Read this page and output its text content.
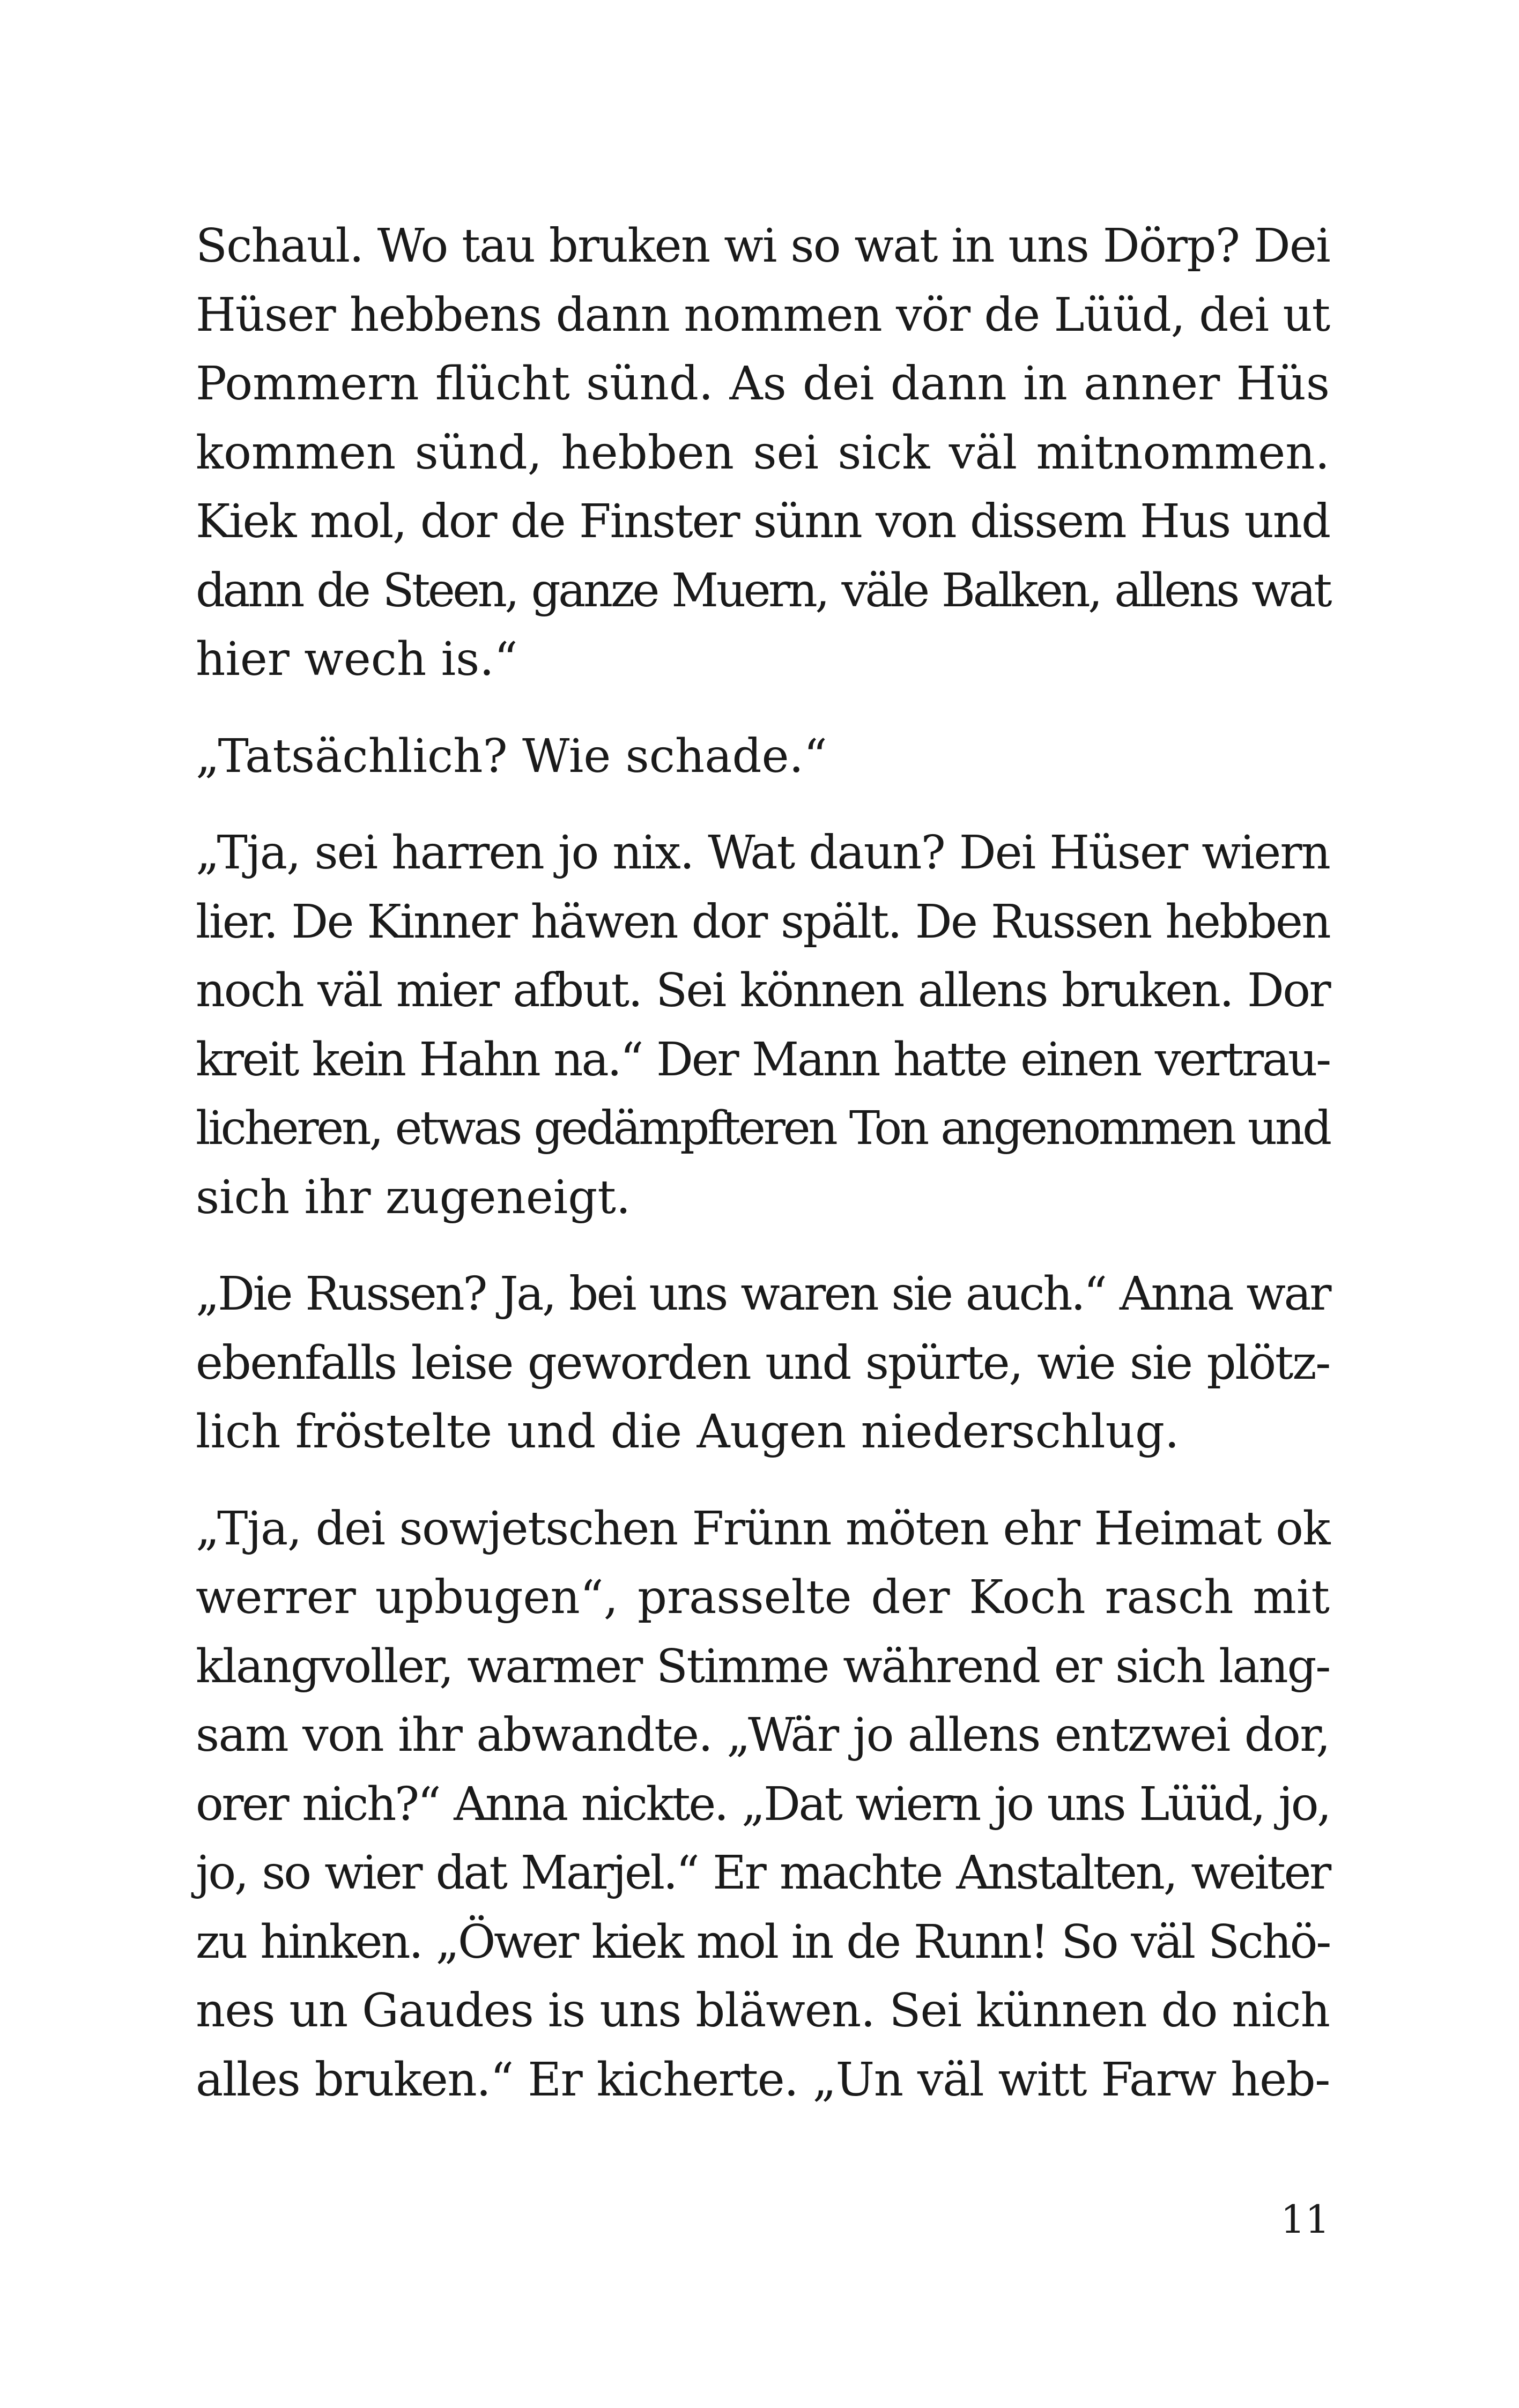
Schaul. Wo tau bruken wi so wat in uns Dörp? Dei
Hüser hebbens dann nommen vör de Lüüd, dei ut
Pommern flücht sünd. As dei dann in anner Hüs
kommen sünd, hebben sei sick väl mitnommen.
Kiek mol, dor de Finster sünn von dissem Hus und
dann de Steen, ganze Muern, väle Balken, allens wat
hier wech is.“
„Tatsächlich? Wie schade.“
„Tja, sei harren jo nix. Wat daun? Dei Hüser wiern
lier. De Kinner häwen dor spält. De Russen hebben
noch väl mier afbut. Sei können allens bruken. Dor
kreit kein Hahn na.“ Der Mann hatte einen vertrau-
licheren, etwas gedämpfteren Ton angenommen und
sich ihr zugeneigt.
„Die Russen? Ja, bei uns waren sie auch.“ Anna war
ebenfalls leise geworden und spürte, wie sie plötz-
lich fröstelte und die Augen niederschlug.
„Tja, dei sowjetschen Frünn möten ehr Heimat ok
werrer upbugen“, prasselte der Koch rasch mit
klangvoller, warmer Stimme während er sich lang-
sam von ihr abwandte. „Wär jo allens entzwei dor,
orer nich?“ Anna nickte. „Dat wiern jo uns Lüüd, jo,
jo, so wier dat Marjel.“ Er machte Anstalten, weiter
zu hinken. „Öwer kiek mol in de Runn! So väl Schö-
nes un Gaudes is uns bläwen. Sei künnen do nich
alles bruken.“ Er kicherte. „Un väl witt Farw heb-
11
